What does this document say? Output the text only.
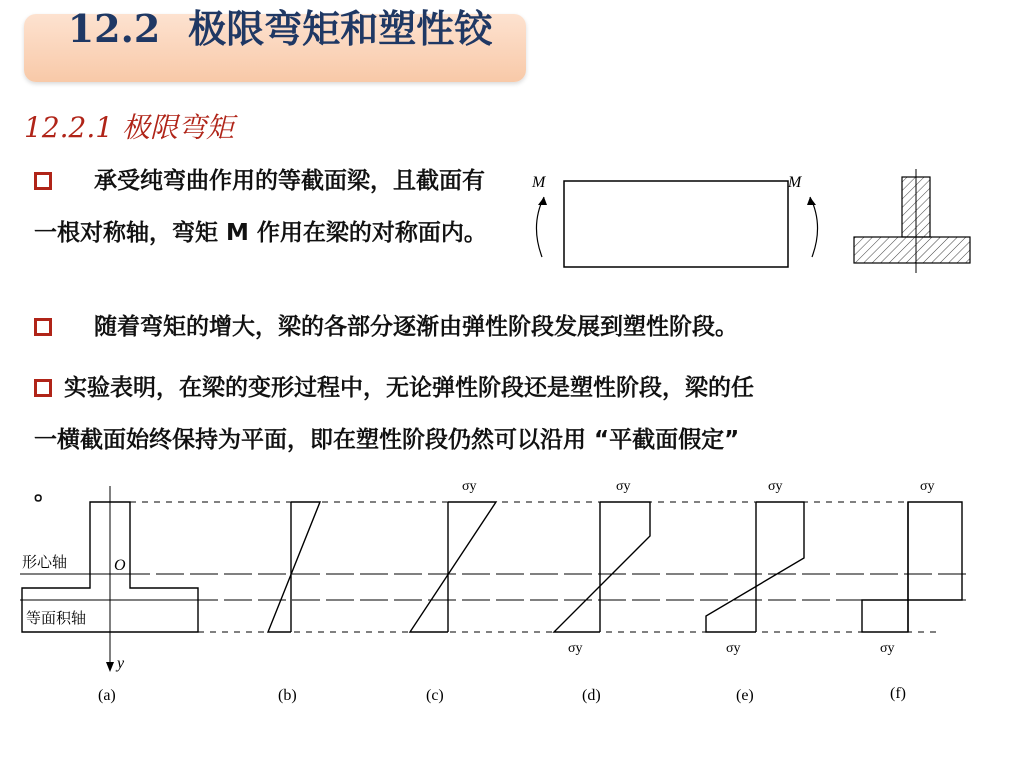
12.2 极限弯矩和塑性铰
12.2.1 极限弯矩
承受纯弯曲作用的等截面梁，且截面有一根对称轴，弯矩 M 作用在梁的对称面内。
随着弯矩的增大，梁的各部分逐渐由弹性阶段发展到塑性阶段。
实验表明，在梁的变形过程中，无论弹性阶段还是塑性阶段，梁的任
一横截面始终保持为平面，即在塑性阶段仍然可以沿用 “平截面假定”
。
M	M
形心轴
等面积轴
O
y
σy	σy
σy
σy
σy
σy
σy
(a)	(b)	(c)	(d)	(e)	(f)
